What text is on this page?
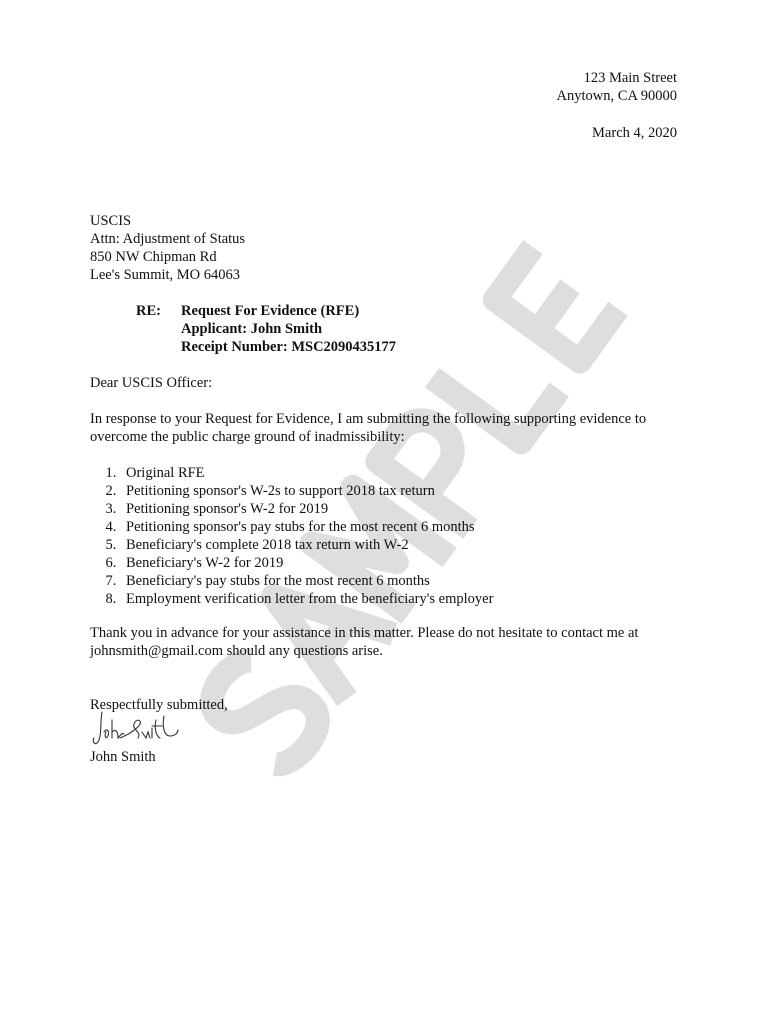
123 Main Street
Anytown, CA 90000
March 4, 2020
USCIS
Attn: Adjustment of Status
850 NW Chipman Rd
Lee's Summit, MO 64063
RE: Request For Evidence (RFE)
Applicant: John Smith
Receipt Number: MSC2090435177
Dear USCIS Officer:
In response to your Request for Evidence, I am submitting the following supporting evidence to
overcome the public charge ground of inadmissibility:
1. Original RFE
2. Petitioning sponsor's W-2s to support 2018 tax return
3. Petitioning sponsor's W-2 for 2019
4. Petitioning sponsor's pay stubs for the most recent 6 months
5. Beneficiary's complete 2018 tax return with W-2
6. Beneficiary's W-2 for 2019
7. Beneficiary's pay stubs for the most recent 6 months
8. Employment verification letter from the beneficiary's employer
Thank you in advance for your assistance in this matter. Please do not hesitate to contact me at
johnsmith@gmail.com should any questions arise.
Respectfully submitted,
John Smith
